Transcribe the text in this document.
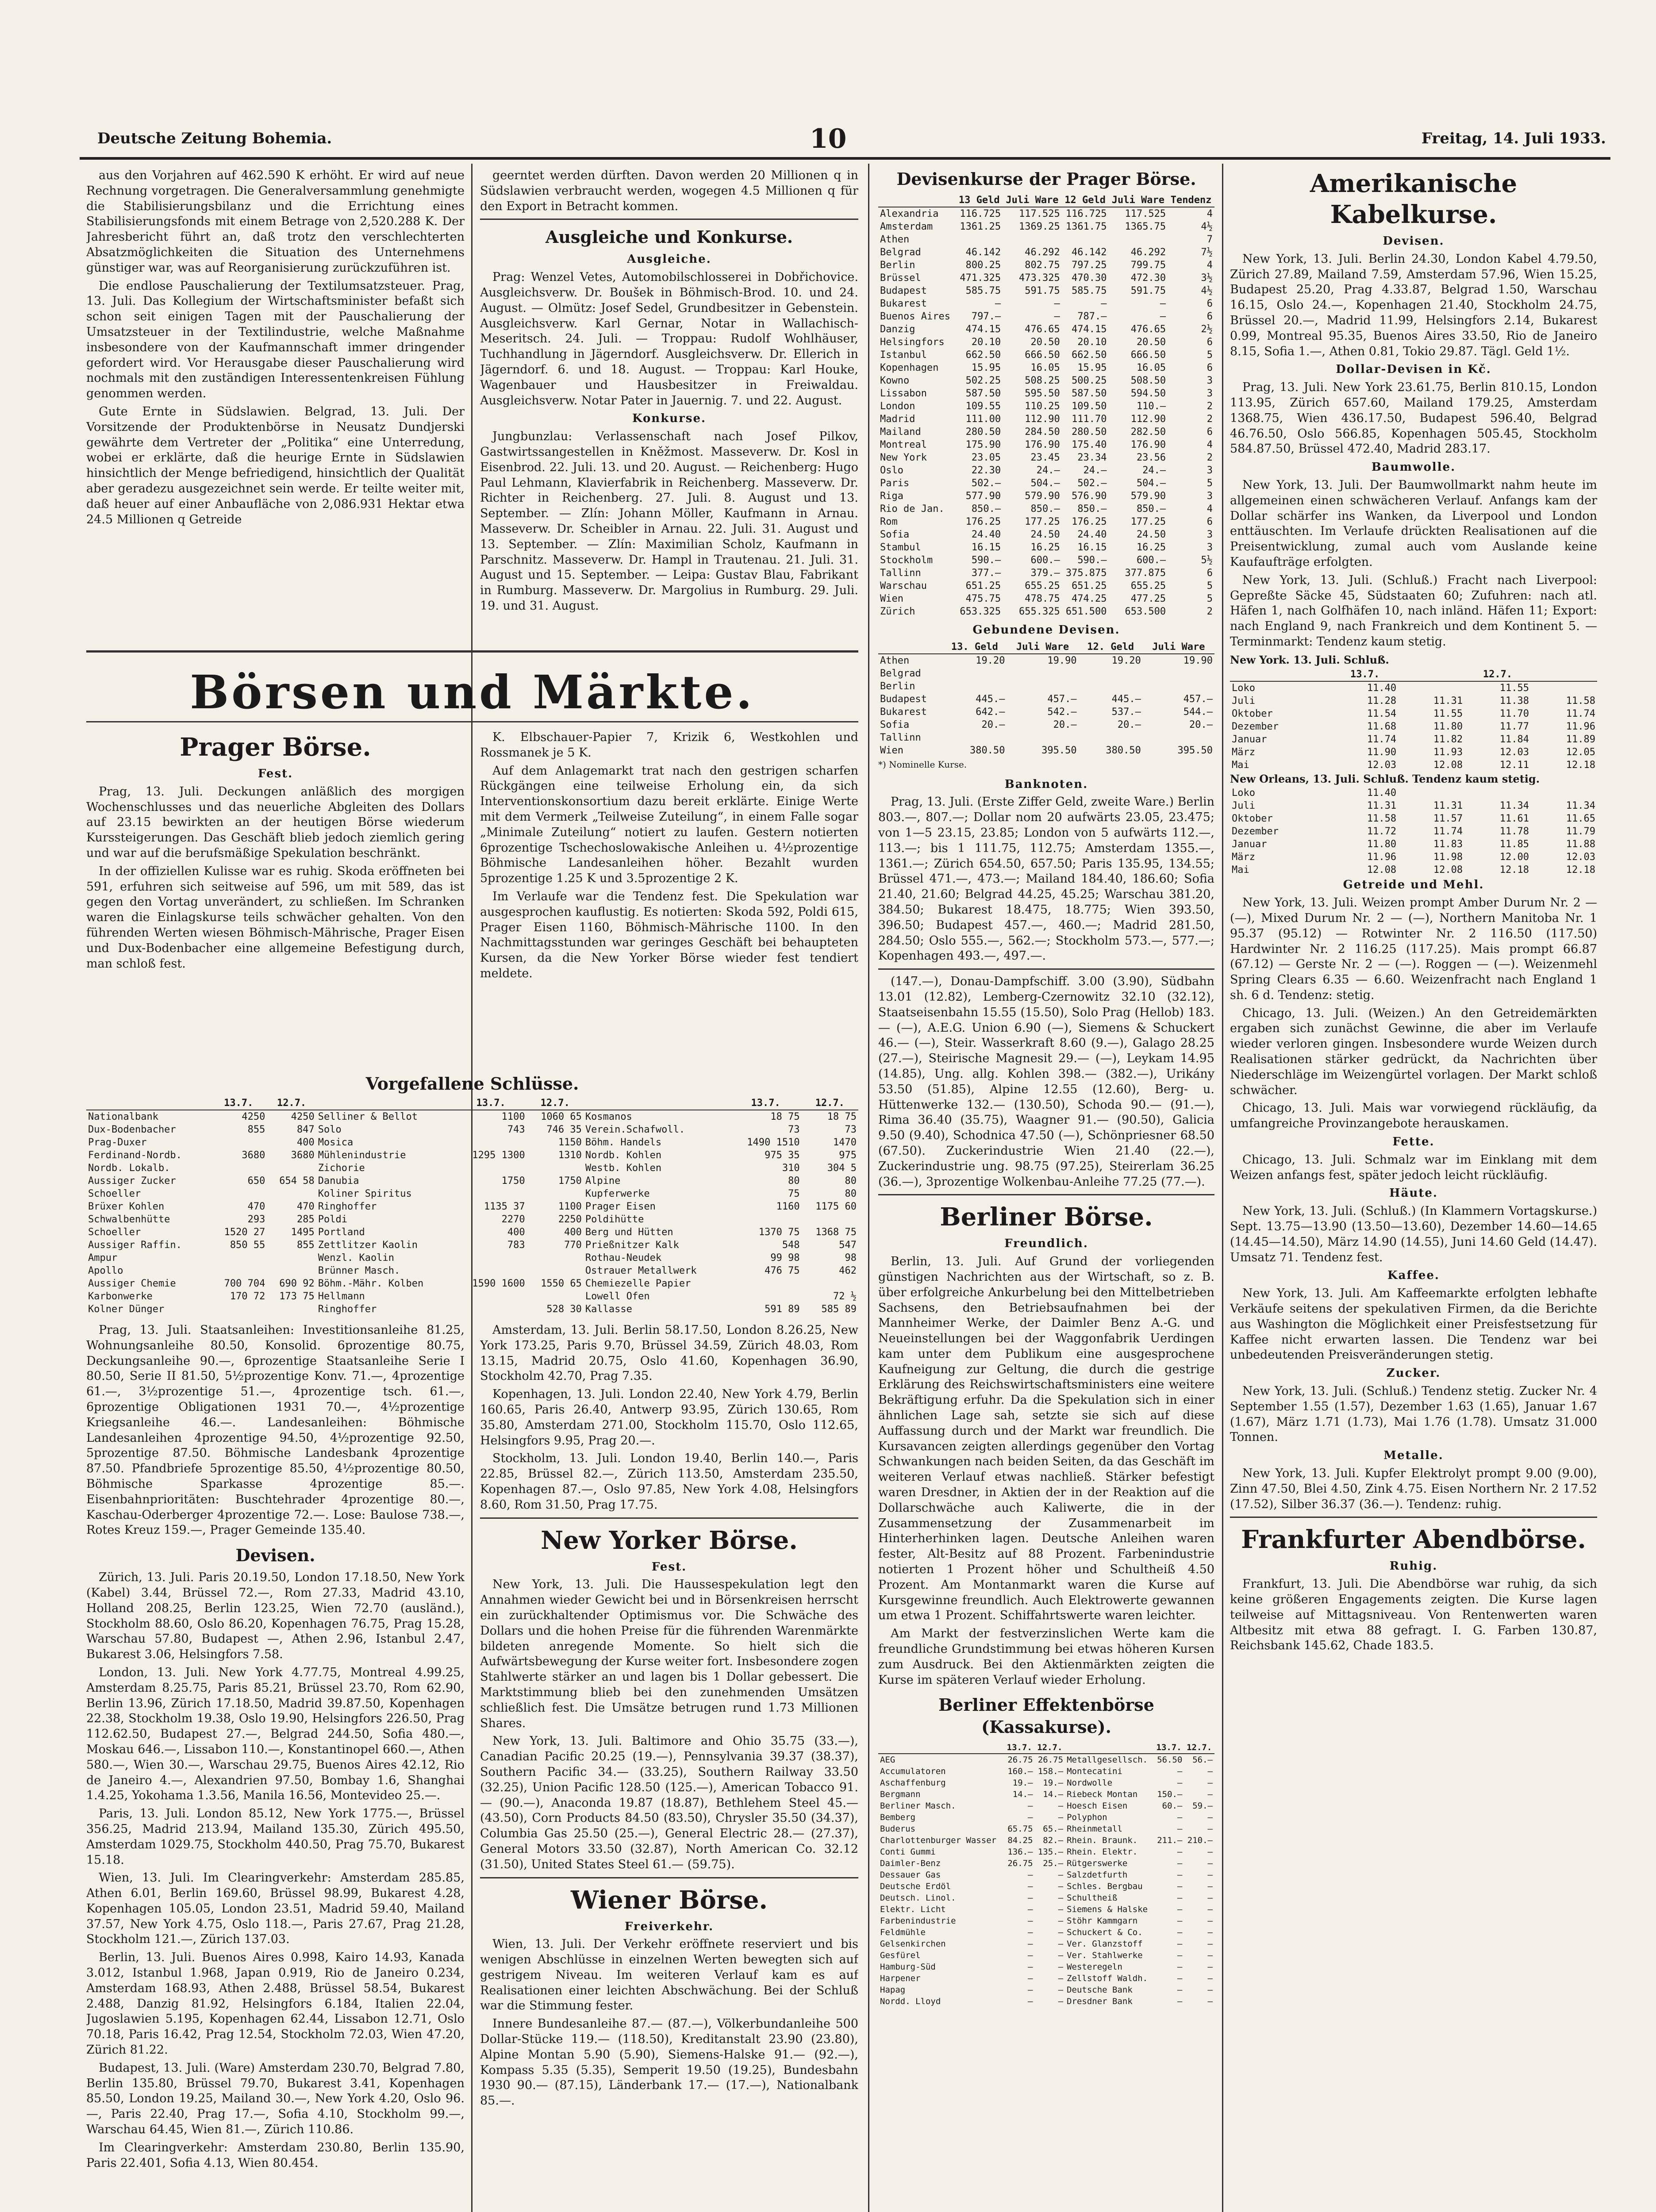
Deutsche Zeitung Bohemia.	10	Freitag, 14. Juli 1933.

aus den Vorjahren auf 462.590 K erhöht. Er wird auf neue Rechnung vorgetragen. Die Generalversammlung genehmigte die Stabilisierungsbilanz und die Errichtung eines Stabilisierungsfonds mit einem Betrage von 2,520.288 K. Der Jahresbericht führt an, daß trotz den verschlechterten Absatzmöglichkeiten die Situation des Unternehmens günstiger war, was auf Reorganisierung zurückzuführen ist.

Die endlose Pauschalierung der Textilumsatzsteuer. Prag, 13. Juli. Das Kollegium der Wirtschaftsminister befaßt sich schon seit einigen Tagen mit der Pauschalierung der Umsatzsteuer in der Textilindustrie, welche Maßnahme insbesondere von der Kaufmannschaft immer dringender gefordert wird. Vor Herausgabe dieser Pauschalierung wird nochmals mit den zuständigen Interessentenkreisen Fühlung genommen werden.

Gute Ernte in Südslawien. Belgrad, 13. Juli. Der Vorsitzende der Produktenbörse in Neusatz Dundjerski gewährte dem Vertreter der „Politika“ eine Unterredung, wobei er erklärte, daß die heurige Ernte in Südslawien hinsichtlich der Menge befriedigend, hinsichtlich der Qualität aber geradezu ausgezeichnet sein werde. Er teilte weiter mit, daß heuer auf einer Anbaufläche von 2,086.931 Hektar etwa 24.5 Millionen q Getreide

geerntet werden dürften. Davon werden 20 Millionen q in Südslawien verbraucht werden, wogegen 4.5 Millionen q für den Export in Betracht kommen.

Ausgleiche und Konkurse.
Ausgleiche.

Prag: Wenzel Vetes, Automobilschlosserei in Dobřichovice. Ausgleichsverw. Dr. Boušek in Böhmisch-Brod. 10. und 24. August. — Olmütz: Josef Sedel, Grundbesitzer in Gebenstein. Ausgleichsverw. Karl Gernar, Notar in Wallachisch-Meseritsch. 24. Juli. — Troppau: Rudolf Wohlhäuser, Tuchhandlung in Jägerndorf. Ausgleichsverw. Dr. Ellerich in Jägerndorf. 6. und 18. August. — Troppau: Karl Houke, Wagenbauer und Hausbesitzer in Freiwaldau. Ausgleichsverw. Notar Pater in Jauernig. 7. und 22. August.

Konkurse.

Jungbunzlau: Verlassenschaft nach Josef Pilkov, Gastwirtssangestellen in Kněžmost. Masseverw. Dr. Kosl in Eisenbrod. 22. Juli. 13. und 20. August. — Reichenberg: Hugo Paul Lehmann, Klavierfabrik in Reichenberg. Masseverw. Dr. Richter in Reichenberg. 27. Juli. 8. August und 13. September. — Zlín: Johann Möller, Kaufmann in Arnau. Masseverw. Dr. Scheibler in Arnau. 22. Juli. 31. August und 13. September. — Zlín: Maximilian Scholz, Kaufmann in Parschnitz. Masseverw. Dr. Hampl in Trautenau. 21. Juli. 31. August und 15. September. — Leipa: Gustav Blau, Fabrikant in Rumburg. Masseverw. Dr. Margolius in Rumburg. 29. Juli. 19. und 31. August.

Börsen und Märkte.
Prager Börse.
Fest.

Prag, 13. Juli. Deckungen anläßlich des morgigen Wochenschlusses und das neuerliche Abgleiten des Dollars auf 23.15 bewirkten an der heutigen Börse wiederum Kurssteigerungen. Das Geschäft blieb jedoch ziemlich gering und war auf die berufsmäßige Spekulation beschränkt.

In der offiziellen Kulisse war es ruhig. Skoda eröffneten bei 591, erfuhren sich seitweise auf 596, um mit 589, das ist gegen den Vortag unverändert, zu schließen. Im Schranken waren die Einlagskurse teils schwächer gehalten. Von den führenden Werten wiesen Böhmisch-Mährische, Prager Eisen und Dux-Bodenbacher eine allgemeine Befestigung durch, man schloß fest.

K. Elbschauer-Papier 7, Krizik 6, Westkohlen und Rossmanek je 5 K.

Auf dem Anlagemarkt trat nach den gestrigen scharfen Rückgängen eine teilweise Erholung ein, da sich Interventionskonsortium dazu bereit erklärte. Einige Werte mit dem Vermerk „Teilweise Zuteilung“, in einem Falle sogar „Minimale Zuteilung“ notiert zu laufen. Gestern notierten 6prozentige Tschechoslowakische Anleihen u. 4½prozentige Böhmische Landesanleihen höher. Bezahlt wurden 5prozentige 1.25 K und 3.5prozentige 2 K.

Im Verlaufe war die Tendenz fest. Die Spekulation war ausgesprochen kauflustig. Es notierten: Skoda 592, Poldi 615, Prager Eisen 1160, Böhmisch-Mährische 1100. In den Nachmittagsstunden war geringes Geschäft bei behaupteten Kursen, da die New Yorker Börse wieder fest tendiert meldete.

Vorgefallene Schlüsse.
	13.7.	12.7.		13.7.	12.7.		13.7.	12.7.
Nationalbank	4250	4250	Selliner & Bellot	1100	1060 65	Kosmanos	18 75	18 75
Dux-Bodenbacher	855	847	Solo	743	746 35	Verein.Schafwoll.	73	73
Prag-Duxer		400	Mosica		1150	Böhm. Handels	1490 1510	1470
Ferdinand-Nordb.	3680	3680	Mühlenindustrie	1295 1300	1310	Nordb. Kohlen	975 35	975
Nordb. Lokalb.			Zichorie			Westb. Kohlen	310	304 5
Aussiger Zucker	650	654 58	Danubia	1750	1750	Alpine	80	80
Schoeller			Koliner Spiritus			Kupferwerke	75	80
Brüxer Kohlen	470	470	Ringhoffer	1135 37	1100	Prager Eisen	1160	1175 60
Schwalbenhütte	293	285	Poldi	2270	2250	Poldihütte		
Schoeller	1520 27	1495	Portland	400	400	Berg und Hütten	1370 75	1368 75
Aussiger Raffin.	850 55	855	Zettlitzer Kaolin	783	770	Prießnitzer Kalk	548	547
Ampur			Wenzl. Kaolin			Rothau-Neudek	99 98	98
Apollo			Brünner Masch.			Ostrauer Metallwerk	476 75	462
Aussiger Chemie	700 704	690 92	Böhm.-Mähr. Kolben	1590 1600	1550 65	Chemiezelle Papier		
Karbonwerke	170 72	173 75	Hellmann			Lowell Ofen		72 ½
Kolner Dünger			Ringhoffer		528 30	Kallasse	591 89	585 89

Prag, 13. Juli. Staatsanleihen: Investitionsanleihe 81.25, Wohnungsanleihe 80.50, Konsolid. 6prozentige 80.75, Deckungsanleihe 90.—, 6prozentige Staatsanleihe Serie I 80.50, Serie II 81.50, 5½prozentige Konv. 71.—, 4prozentige 61.—, 3½prozentige 51.—, 4prozentige tsch. 61.—, 6prozentige Obligationen 1931 70.—, 4½prozentige Kriegsanleihe 46.—. Landesanleihen: Böhmische Landesanleihen 4prozentige 94.50, 4½prozentige 92.50, 5prozentige 87.50. Böhmische Landesbank 4prozentige 87.50. Pfandbriefe 5prozentige 85.50, 4½prozentige 80.50, Böhmische Sparkasse 4prozentige 85.—. Eisenbahnprioritäten: Buschtehrader 4prozentige 80.—, Kaschau-Oderberger 4prozentige 72.—. Lose: Baulose 738.—, Rotes Kreuz 159.—, Prager Gemeinde 135.40.

Devisen.

Zürich, 13. Juli. Paris 20.19.50, London 17.18.50, New York (Kabel) 3.44, Brüssel 72.—, Rom 27.33, Madrid 43.10, Holland 208.25, Berlin 123.25, Wien 72.70 (ausländ.), Stockholm 88.60, Oslo 86.20, Kopenhagen 76.75, Prag 15.28, Warschau 57.80, Budapest —, Athen 2.96, Istanbul 2.47, Bukarest 3.06, Helsingfors 7.58.

London, 13. Juli. New York 4.77.75, Montreal 4.99.25, Amsterdam 8.25.75, Paris 85.21, Brüssel 23.70, Rom 62.90, Berlin 13.96, Zürich 17.18.50, Madrid 39.87.50, Kopenhagen 22.38, Stockholm 19.38, Oslo 19.90, Helsingfors 226.50, Prag 112.62.50, Budapest 27.—, Belgrad 244.50, Sofia 480.—, Moskau 646.—, Lissabon 110.—, Konstantinopel 660.—, Athen 580.—, Wien 30.—, Warschau 29.75, Buenos Aires 42.12, Rio de Janeiro 4.—, Alexandrien 97.50, Bombay 1.6, Shanghai 1.4.25, Yokohama 1.3.56, Manila 16.56, Montevideo 25.—.

Paris, 13. Juli. London 85.12, New York 1775.—, Brüssel 356.25, Madrid 213.94, Mailand 135.30, Zürich 495.50, Amsterdam 1029.75, Stockholm 440.50, Prag 75.70, Bukarest 15.18.

Wien, 13. Juli. Im Clearingverkehr: Amsterdam 285.85, Athen 6.01, Berlin 169.60, Brüssel 98.99, Bukarest 4.28, Kopenhagen 105.05, London 23.51, Madrid 59.40, Mailand 37.57, New York 4.75, Oslo 118.—, Paris 27.67, Prag 21.28, Stockholm 121.—, Zürich 137.03.

Berlin, 13. Juli. Buenos Aires 0.998, Kairo 14.93, Kanada 3.012, Istanbul 1.968, Japan 0.919, Rio de Janeiro 0.234, Amsterdam 168.93, Athen 2.488, Brüssel 58.54, Bukarest 2.488, Danzig 81.92, Helsingfors 6.184, Italien 22.04, Jugoslawien 5.195, Kopenhagen 62.44, Lissabon 12.71, Oslo 70.18, Paris 16.42, Prag 12.54, Stockholm 72.03, Wien 47.20, Zürich 81.22.

Budapest, 13. Juli. (Ware) Amsterdam 230.70, Belgrad 7.80, Berlin 135.80, Brüssel 79.70, Bukarest 3.41, Kopenhagen 85.50, London 19.25, Mailand 30.—, New York 4.20, Oslo 96.—, Paris 22.40, Prag 17.—, Sofia 4.10, Stockholm 99.—, Warschau 64.45, Wien 81.—, Zürich 110.86.

Im Clearingverkehr: Amsterdam 230.80, Berlin 135.90, Paris 22.401, Sofia 4.13, Wien 80.454.

Amsterdam, 13. Juli. Berlin 58.17.50, London 8.26.25, New York 173.25, Paris 9.70, Brüssel 34.59, Zürich 48.03, Rom 13.15, Madrid 20.75, Oslo 41.60, Kopenhagen 36.90, Stockholm 42.70, Prag 7.35.

Kopenhagen, 13. Juli. London 22.40, New York 4.79, Berlin 160.65, Paris 26.40, Antwerp 93.95, Zürich 130.65, Rom 35.80, Amsterdam 271.00, Stockholm 115.70, Oslo 112.65, Helsingfors 9.95, Prag 20.—.

Stockholm, 13. Juli. London 19.40, Berlin 140.—, Paris 22.85, Brüssel 82.—, Zürich 113.50, Amsterdam 235.50, Kopenhagen 87.—, Oslo 97.85, New York 4.08, Helsingfors 8.60, Rom 31.50, Prag 17.75.

New Yorker Börse.
Fest.

New York, 13. Juli. Die Haussespekulation legt den Annahmen wieder Gewicht bei und in Börsenkreisen herrscht ein zurückhaltender Optimismus vor. Die Schwäche des Dollars und die hohen Preise für die führenden Warenmärkte bildeten anregende Momente. So hielt sich die Aufwärtsbewegung der Kurse weiter fort. Insbesondere zogen Stahlwerte stärker an und lagen bis 1 Dollar gebessert. Die Marktstimmung blieb bei den zunehmenden Umsätzen schließlich fest. Die Umsätze betrugen rund 1.73 Millionen Shares.

New York, 13. Juli. Baltimore and Ohio 35.75 (33.—), Canadian Pacific 20.25 (19.—), Pennsylvania 39.37 (38.37), Southern Pacific 34.— (33.25), Southern Railway 33.50 (32.25), Union Pacific 128.50 (125.—), American Tobacco 91.— (90.—), Anaconda 19.87 (18.87), Bethlehem Steel 45.— (43.50), Corn Products 84.50 (83.50), Chrysler 35.50 (34.37), Columbia Gas 25.50 (25.—), General Electric 28.— (27.37), General Motors 33.50 (32.87), North American Co. 32.12 (31.50), United States Steel 61.— (59.75).

Wiener Börse.
Freiverkehr.

Wien, 13. Juli. Der Verkehr eröffnete reserviert und bis wenigen Abschlüsse in einzelnen Werten bewegten sich auf gestrigem Niveau. Im weiteren Verlauf kam es auf Realisationen einer leichten Abschwächung. Bei der Schluß war die Stimmung fester.

Innere Bundesanleihe 87.— (87.—), Völkerbundanleihe 500 Dollar-Stücke 119.— (118.50), Kreditanstalt 23.90 (23.80), Alpine Montan 5.90 (5.90), Siemens-Halske 91.— (92.—), Kompass 5.35 (5.35), Semperit 19.50 (19.25), Bundesbahn 1930 90.— (87.15), Länderbank 17.— (17.—), Nationalbank 85.—.

Devisenkurse der Prager Börse.
	13 Geld	Juli Ware	12 Geld	Juli Ware	Tendenz
Alexandria	116.725	117.525	116.725	117.525	4
Amsterdam	1361.25	1369.25	1361.75	1365.75	4½
Athen					7
Belgrad	46.142	46.292	46.142	46.292	7½
Berlin	800.25	802.75	797.25	799.75	4
Brüssel	471.325	473.325	470.30	472.30	3½
Budapest	585.75	591.75	585.75	591.75	4½
Bukarest	—	—	—	—	6
Buenos Aires	797.—	—	787.—	—	6
Danzig	474.15	476.65	474.15	476.65	2½
Helsingfors	20.10	20.50	20.10	20.50	6
Istanbul	662.50	666.50	662.50	666.50	5
Kopenhagen	15.95	16.05	15.95	16.05	6
Kowno	502.25	508.25	500.25	508.50	3
Lissabon	587.50	595.50	587.50	594.50	3
London	109.55	110.25	109.50	110.—	2
Madrid	111.00	112.90	111.70	112.90	2
Mailand	280.50	284.50	280.50	282.50	6
Montreal	175.90	176.90	175.40	176.90	4
New York	23.05	23.45	23.34	23.56	2
Oslo	22.30	24.—	24.—	24.—	3
Paris	502.—	504.—	502.—	504.—	5
Riga	577.90	579.90	576.90	579.90	3
Rio de Jan.	850.—	850.—	850.—	850.—	4
Rom	176.25	177.25	176.25	177.25	6
Sofia	24.40	24.50	24.40	24.50	3
Stambul	16.15	16.25	16.15	16.25	3
Stockholm	590.—	600.—	590.—	600.—	5½
Tallinn	377.—	379.—	375.875	377.875	6
Warschau	651.25	655.25	651.25	655.25	5
Wien	475.75	478.75	474.25	477.25	5
Zürich	653.325	655.325	651.500	653.500	2
Gebundene Devisen.
	13. Geld	Juli Ware	12. Geld	Juli Ware
Athen	19.20	19.90	19.20	19.90
Belgrad				
Berlin				
Budapest	445.—	457.—	445.—	457.—
Bukarest	642.—	542.—	537.—	544.—
Sofia	20.—	20.—	20.—	20.—
Tallinn				
Wien	380.50	395.50	380.50	395.50
*) Nominelle Kurse.
Banknoten.

Prag, 13. Juli. (Erste Ziffer Geld, zweite Ware.) Berlin 803.—, 807.—; Dollar nom 20 aufwärts 23.05, 23.475; von 1—5 23.15, 23.85; London von 5 aufwärts 112.—, 113.—; bis 1 111.75, 112.75; Amsterdam 1355.—, 1361.—; Zürich 654.50, 657.50; Paris 135.95, 134.55; Brüssel 471.—, 473.—; Mailand 184.40, 186.60; Sofia 21.40, 21.60; Belgrad 44.25, 45.25; Warschau 381.20, 384.50; Bukarest 18.475, 18.775; Wien 393.50, 396.50; Budapest 457.—, 460.—; Madrid 281.50, 284.50; Oslo 555.—, 562.—; Stockholm 573.—, 577.—; Kopenhagen 493.—, 497.—.

(147.—), Donau-Dampfschiff. 3.00 (3.90), Südbahn 13.01 (12.82), Lemberg-Czernowitz 32.10 (32.12), Staatseisenbahn 15.55 (15.50), Solo Prag (Hellob) 183.— (—), A.E.G. Union 6.90 (—), Siemens & Schuckert 46.— (—), Steir. Wasserkraft 8.60 (9.—), Galago 28.25 (27.—), Steirische Magnesit 29.— (—), Leykam 14.95 (14.85), Ung. allg. Kohlen 398.— (382.—), Urikány 53.50 (51.85), Alpine 12.55 (12.60), Berg- u. Hüttenwerke 132.— (130.50), Schoda 90.— (91.—), Rima 36.40 (35.75), Waagner 91.— (90.50), Galicia 9.50 (9.40), Schodnica 47.50 (—), Schönpriesner 68.50 (67.50). Zuckerindustrie Wien 21.40 (22.—), Zuckerindustrie ung. 98.75 (97.25), Steirerlam 36.25 (36.—), 3prozentige Wolkenbau-Anleihe 77.25 (77.—).

Berliner Börse.
Freundlich.

Berlin, 13. Juli. Auf Grund der vorliegenden günstigen Nachrichten aus der Wirtschaft, so z. B. über erfolgreiche Ankurbelung bei den Mittelbetrieben Sachsens, den Betriebsaufnahmen bei der Mannheimer Werke, der Daimler Benz A.-G. und Neueinstellungen bei der Waggonfabrik Uerdingen kam unter dem Publikum eine ausgesprochene Kaufneigung zur Geltung, die durch die gestrige Erklärung des Reichswirtschaftsministers eine weitere Bekräftigung erfuhr. Da die Spekulation sich in einer ähnlichen Lage sah, setzte sie sich auf diese Auffassung durch und der Markt war freundlich. Die Kursavancen zeigten allerdings gegenüber den Vortag Schwankungen nach beiden Seiten, da das Geschäft im weiteren Verlauf etwas nachließ. Stärker befestigt waren Dresdner, in Aktien der in der Reaktion auf die Dollarschwäche auch Kaliwerte, die in der Zusammensetzung der Zusammenarbeit im Hinterherhinken lagen. Deutsche Anleihen waren fester, Alt-Besitz auf 88 Prozent. Farbenindustrie notierten 1 Prozent höher und Schultheiß 4.50 Prozent. Am Montanmarkt waren die Kurse auf Kursgewinne freundlich. Auch Elektrowerte gewannen um etwa 1 Prozent. Schiffahrtswerte waren leichter.

Am Markt der festverzinslichen Werte kam die freundliche Grundstimmung bei etwas höheren Kursen zum Ausdruck. Bei den Aktienmärkten zeigten die Kurse im späteren Verlauf wieder Erholung.

Berliner Effektenbörse (Kassakurse).
	13.7.	12.7.		13.7.	12.7.
AEG	26.75	26.75	Metallgesellsch.	56.50	56.—
Accumulatoren	160.—	158.—	Montecatini	—	—
Aschaffenburg	19.—	19.—	Nordwolle	—	—
Bergmann	14.—	14.—	Riebeck Montan	150.—	—
Berliner Masch.	—	—	Hoesch Eisen	60.—	59.—
Bemberg	—	—	Polyphon	—	—
Buderus	65.75	65.—	Rheinmetall	—	—
Charlottenburger Wasser	84.25	82.—	Rhein. Braunk.	211.—	210.—
Conti Gummi	136.—	135.—	Rhein. Elektr.	—	—
Daimler-Benz	26.75	25.—	Rütgerswerke	—	—
Dessauer Gas	—	—	Salzdetfurth	—	—
Deutsche Erdöl	—	—	Schles. Bergbau	—	—
Deutsch. Linol.	—	—	Schultheiß	—	—
Elektr. Licht	—	—	Siemens & Halske	—	—
Farbenindustrie	—	—	Stöhr Kammgarn	—	—
Feldmühle	—	—	Schuckert & Co.	—	—
Gelsenkirchen	—	—	Ver. Glanzstoff	—	—
Gesfürel	—	—	Ver. Stahlwerke	—	—
Hamburg-Süd	—	—	Westeregeln	—	—
Harpener	—	—	Zellstoff Waldh.	—	—
Hapag	—	—	Deutsche Bank	—	—
Nordd. Lloyd	—	—	Dresdner Bank	—	—
Amerikanische Kabelkurse.
Devisen.

New York, 13. Juli. Berlin 24.30, London Kabel 4.79.50, Zürich 27.89, Mailand 7.59, Amsterdam 57.96, Wien 15.25, Budapest 25.20, Prag 4.33.87, Belgrad 1.50, Warschau 16.15, Oslo 24.—, Kopenhagen 21.40, Stockholm 24.75, Brüssel 20.—, Madrid 11.99, Helsingfors 2.14, Bukarest 0.99, Montreal 95.35, Buenos Aires 33.50, Rio de Janeiro 8.15, Sofia 1.—, Athen 0.81, Tokio 29.87. Tägl. Geld 1½.

Dollar-Devisen in Kč.

Prag, 13. Juli. New York 23.61.75, Berlin 810.15, London 113.95, Zürich 657.60, Mailand 179.25, Amsterdam 1368.75, Wien 436.17.50, Budapest 596.40, Belgrad 46.76.50, Oslo 566.85, Kopenhagen 505.45, Stockholm 584.87.50, Brüssel 472.40, Madrid 283.17.

Baumwolle.

New York, 13. Juli. Der Baumwollmarkt nahm heute im allgemeinen einen schwächeren Verlauf. Anfangs kam der Dollar schärfer ins Wanken, da Liverpool und London enttäuschten. Im Verlaufe drückten Realisationen auf die Preisentwicklung, zumal auch vom Auslande keine Kaufaufträge erfolgten.

New York, 13. Juli. (Schluß.) Fracht nach Liverpool: Gepreßte Säcke 45, Südstaaten 60; Zufuhren: nach atl. Häfen 1, nach Golfhäfen 10, nach inländ. Häfen 11; Export: nach England 9, nach Frankreich und dem Kontinent 5. — Terminmarkt: Tendenz kaum stetig.

New York. 13. Juli. Schluß.
	13.7.		12.7.	
Loko	11.40		11.55	
Juli	11.28	11.31	11.38	11.58
Oktober	11.54	11.55	11.70	11.74
Dezember	11.68	11.80	11.77	11.96
Januar	11.74	11.82	11.84	11.89
März	11.90	11.93	12.03	12.05
Mai	12.03	12.08	12.11	12.18
New Orleans, 13. Juli. Schluß. Tendenz kaum stetig.
Loko	11.40			
Juli	11.31	11.31	11.34	11.34
Oktober	11.58	11.57	11.61	11.65
Dezember	11.72	11.74	11.78	11.79
Januar	11.80	11.83	11.85	11.88
März	11.96	11.98	12.00	12.03
Mai	12.08	12.08	12.18	12.18
Getreide und Mehl.

New York, 13. Juli. Weizen prompt Amber Durum Nr. 2 — (—), Mixed Durum Nr. 2 — (—), Northern Manitoba Nr. 1 95.37 (95.12) — Rotwinter Nr. 2 116.50 (117.50) Hardwinter Nr. 2 116.25 (117.25). Mais prompt 66.87 (67.12) — Gerste Nr. 2 — (—). Roggen — (—). Weizenmehl Spring Clears 6.35 — 6.60. Weizenfracht nach England 1 sh. 6 d. Tendenz: stetig.

Chicago, 13. Juli. (Weizen.) An den Getreidemärkten ergaben sich zunächst Gewinne, die aber im Verlaufe wieder verloren gingen. Insbesondere wurde Weizen durch Realisationen stärker gedrückt, da Nachrichten über Niederschläge im Weizengürtel vorlagen. Der Markt schloß schwächer.

Chicago, 13. Juli. Mais war vorwiegend rückläufig, da umfangreiche Provinzangebote herauskamen.

Fette.

Chicago, 13. Juli. Schmalz war im Einklang mit dem Weizen anfangs fest, später jedoch leicht rückläufig.

Häute.

New York, 13. Juli. (Schluß.) (In Klammern Vortagskurse.) Sept. 13.75—13.90 (13.50—13.60), Dezember 14.60—14.65 (14.45—14.50), März 14.90 (14.55), Juni 14.60 Geld (14.47). Umsatz 71. Tendenz fest.

Kaffee.

New York, 13. Juli. Am Kaffeemarkte erfolgten lebhafte Verkäufe seitens der spekulativen Firmen, da die Berichte aus Washington die Möglichkeit einer Preisfestsetzung für Kaffee nicht erwarten lassen. Die Tendenz war bei unbedeutenden Preisveränderungen stetig.

Zucker.

New York, 13. Juli. (Schluß.) Tendenz stetig. Zucker Nr. 4 September 1.55 (1.57), Dezember 1.63 (1.65), Januar 1.67 (1.67), März 1.71 (1.73), Mai 1.76 (1.78). Umsatz 31.000 Tonnen.

Metalle.

New York, 13. Juli. Kupfer Elektrolyt prompt 9.00 (9.00), Zinn 47.50, Blei 4.50, Zink 4.75. Eisen Northern Nr. 2 17.52 (17.52), Silber 36.37 (36.—). Tendenz: ruhig.

Frankfurter Abendbörse.
Ruhig.

Frankfurt, 13. Juli. Die Abendbörse war ruhig, da sich keine größeren Engagements zeigten. Die Kurse lagen teilweise auf Mittagsniveau. Von Rentenwerten waren Altbesitz mit etwa 88 gefragt. I. G. Farben 130.87, Reichsbank 145.62, Chade 183.5.
